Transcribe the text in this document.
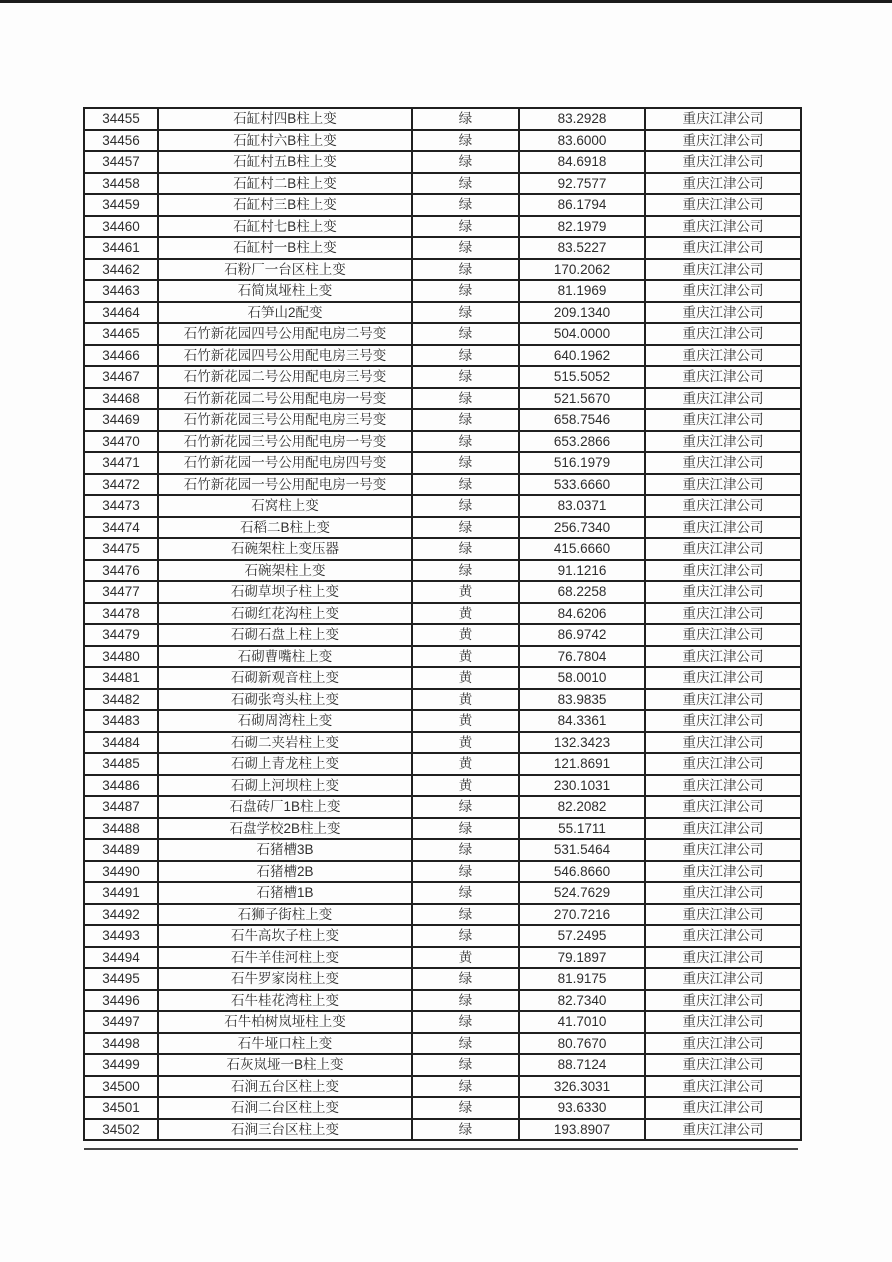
34455	石缸村四B柱上变	绿	83.2928	重庆江津公司
34456	石缸村六B柱上变	绿	83.6000	重庆江津公司
34457	石缸村五B柱上变	绿	84.6918	重庆江津公司
34458	石缸村二B柱上变	绿	92.7577	重庆江津公司
34459	石缸村三B柱上变	绿	86.1794	重庆江津公司
34460	石缸村七B柱上变	绿	82.1979	重庆江津公司
34461	石缸村一B柱上变	绿	83.5227	重庆江津公司
34462	石粉厂一台区柱上变	绿	170.2062	重庆江津公司
34463	石简岚垭柱上变	绿	81.1969	重庆江津公司
34464	石笋山2配变	绿	209.1340	重庆江津公司
34465	石竹新花园四号公用配电房二号变	绿	504.0000	重庆江津公司
34466	石竹新花园四号公用配电房三号变	绿	640.1962	重庆江津公司
34467	石竹新花园二号公用配电房三号变	绿	515.5052	重庆江津公司
34468	石竹新花园二号公用配电房一号变	绿	521.5670	重庆江津公司
34469	石竹新花园三号公用配电房三号变	绿	658.7546	重庆江津公司
34470	石竹新花园三号公用配电房一号变	绿	653.2866	重庆江津公司
34471	石竹新花园一号公用配电房四号变	绿	516.1979	重庆江津公司
34472	石竹新花园一号公用配电房一号变	绿	533.6660	重庆江津公司
34473	石窝柱上变	绿	83.0371	重庆江津公司
34474	石稻二B柱上变	绿	256.7340	重庆江津公司
34475	石碗架柱上变压器	绿	415.6660	重庆江津公司
34476	石碗架柱上变	绿	91.1216	重庆江津公司
34477	石砌草坝子柱上变	黄	68.2258	重庆江津公司
34478	石砌红花沟柱上变	黄	84.6206	重庆江津公司
34479	石砌石盘上柱上变	黄	86.9742	重庆江津公司
34480	石砌曹嘴柱上变	黄	76.7804	重庆江津公司
34481	石砌新观音柱上变	黄	58.0010	重庆江津公司
34482	石砌张弯头柱上变	黄	83.9835	重庆江津公司
34483	石砌周湾柱上变	黄	84.3361	重庆江津公司
34484	石砌二夹岩柱上变	黄	132.3423	重庆江津公司
34485	石砌上青龙柱上变	黄	121.8691	重庆江津公司
34486	石砌上河坝柱上变	黄	230.1031	重庆江津公司
34487	石盘砖厂1B柱上变	绿	82.2082	重庆江津公司
34488	石盘学校2B柱上变	绿	55.1711	重庆江津公司
34489	石猪槽3B	绿	531.5464	重庆江津公司
34490	石猪槽2B	绿	546.8660	重庆江津公司
34491	石猪槽1B	绿	524.7629	重庆江津公司
34492	石狮子街柱上变	绿	270.7216	重庆江津公司
34493	石牛高坎子柱上变	绿	57.2495	重庆江津公司
34494	石牛羊佳河柱上变	黄	79.1897	重庆江津公司
34495	石牛罗家岗柱上变	绿	81.9175	重庆江津公司
34496	石牛桂花湾柱上变	绿	82.7340	重庆江津公司
34497	石牛柏树岚垭柱上变	绿	41.7010	重庆江津公司
34498	石牛垭口柱上变	绿	80.7670	重庆江津公司
34499	石灰岚垭一B柱上变	绿	88.7124	重庆江津公司
34500	石涧五台区柱上变	绿	326.3031	重庆江津公司
34501	石涧二台区柱上变	绿	93.6330	重庆江津公司
34502	石涧三台区柱上变	绿	193.8907	重庆江津公司
